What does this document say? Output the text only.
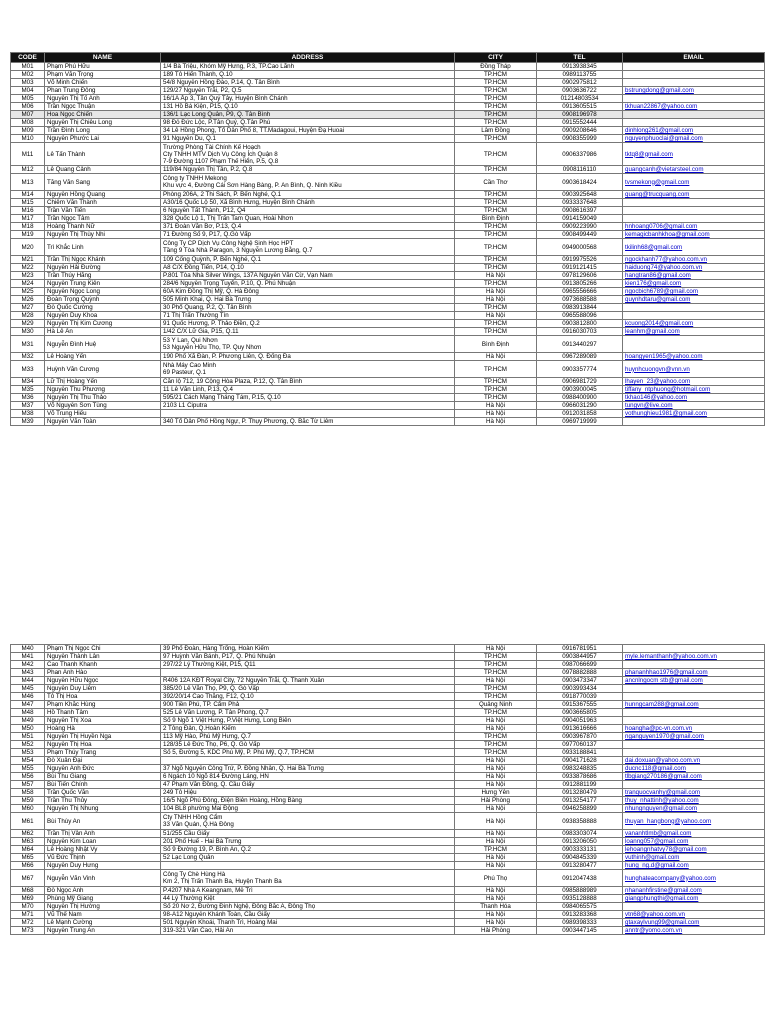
CODE	NAME	ADDRESS	CITY	TEL	EMAIL
M01	Phạm Phú Hữu	1/4 Bà Triệu, Khóm Mỹ Hưng, P.3, TP.Cao Lãnh	Đồng Tháp	0913938345	
M02	Phạm Văn Trọng	189 Tô Hiến Thành, Q.10	TP.HCM	0989113755	
M03	Võ Minh Chiến	54/8 Nguyễn Hồng Đào, P.14, Q. Tân Bình	TP.HCM	0902975812	
M04	Phan Trung Đông	129/27 Nguyễn Trãi, P2, Q.5	TP.HCM	0903636722	bstrungdong@gmail.com
M05	Nguyễn Thị Tố Anh	16/1A Ấp 3, Tân Quý Tây, Huyện Bình Chánh	TP.HCM	01214803534	
M06	Trần Ngọc Thuận	131 Hồ Bá Kiện, P15, Q.10	TP.HCM	0913605515	tkhuan22867@yahoo.com
M07	Hoa Ngọc Chiến	136/1 Lạc Long Quân, P9, Q. Tân Bình	TP.HCM	0908196978	
M08	Nguyễn Thị Chiêu Long	98 Đỗ Đức Lộc, P.Tân Quý, Q.Tân Phú	TP.HCM	0915552444	
M09	Trần Đình Long	34 Lê Hồng Phong, Tổ Dân Phố 8, TT.Madagoui, Huyện Đạ Huoai	Lâm Đồng	0909208646	dinhlong261@gmail.com
M10	Nguyễn Phước Lai	91 Nguyễn Du, Q.1	TP.HCM	0908355999	nguyenphuoclai@gmail.com
M11	Lê Tấn Thành	Trường Phòng Tài Chính Kế Hoạch
Cty TNHH MTV Dịch Vụ Công Ích Quận 8
7-9 Đường 1107 Phạm Thế Hiển, P.5, Q.8	TP.HCM	0906337986	tktq8@gmail.com
M12	Lê Quang Cảnh	119/84 Nguyễn Thị Tần, P.2, Q.8	TP.HCM	0908116110	quangcanh@vietarsteel.com
M13	Tăng Văn Sang	Công ty TNHH Mekong
Khu vực 4, Đường Cái Sơn Hàng Bàng, P. An Bình, Q. Ninh Kiều	Cần Thơ	0903618424	tvsmekong@gmail.com
M14	Nguyễn Hồng Quang	Phòng 206A, 2 Thi Sách, P. Bến Nghé, Q.1	TP.HCM	0903925648	quang@trucquang.com
M15	Chiêm Văn Thành	A30/16 Quốc Lộ 50, Xã Bình Hưng, Huyện Bình Chánh	TP.HCM	0933337648	
M16	Trần Văn Tiến	6 Nguyễn Tất Thành, P12, Q4	TP.HCM	0908616397	
M17	Trần Ngọc Tâm	328 Quốc Lộ 1, Thị Trấn Tam Quan, Hoài Nhơn	Bình Định	0914159049	
M18	Hoàng Thanh Nữ	371 Đoàn Văn Bơ, P.13, Q.4	TP.HCM	0909223990	hnhoang0706@gmail.com
M19	Nguyễn Thị Thùy Nhi	71 Đường Số 9, P17, Q.Gò Vấp	TP.HCM	0908499449	kemagicbanhkhoa@gmail.com
M20	Trì Khắc Linh	Công Ty CP Dịch Vụ Công Nghệ Sinh Học HPT
Tầng 9 Tòa Nhà Paragon, 3 Nguyễn Lương Bằng, Q.7	TP.HCM	0949000568	tkilinh68@gmail.com
M21	Trần Thị Ngọc Khánh	109 Cống Quỳnh, P. Bến Nghé, Q.1	TP.HCM	0919975526	ngockhanh77@yahoo.com.vn
M22	Nguyễn Hải Đường	A8 C/X Đồng Tiến, P14, Q.10	TP.HCM	0919121415	haiduong74@yahoo.com.vn
M23	Trần Thúy Hằng	P.801 Tòa Nhà Silver Wings, 137A Nguyễn Văn Cừ, Vạn Nam	Hà Nội	0978129606	hangtran86@gmail.com
M24	Nguyễn Trung Kiên	284/6 Nguyễn Trọng Tuyển, P.10, Q. Phú Nhuận	TP.HCM	0913805266	kien176@gmail.com
M25	Nguyễn Ngọc Long	60A Kim Đồng Thị Mỹ, Q. Hà Đông	Hà Nội	0965556666	ngocbich6789@gmail.com
M26	Đoàn Trọng Quỳnh	505 Minh Khai, Q. Hai Bà Trưng	Hà Nội	0973688588	quynhdtaru@gmail.com
M27	Đỗ Quốc Cường	30 Phổ Quang, P.2, Q. Tân Bình	TP.HCM	0983913844	
M28	Nguyễn Duy Khoa	71 Thị Trấn Thường Tín	Hà Nội	0965588096	
M29	Nguyễn Thị Kim Cương	91 Quốc Hương, P. Thảo Điền, Q.2	TP.HCM	0903812800	kcuong2014@gmail.com
M30	Hà Lê Ân	1/42 C/X Lữ Gia, P15, Q.11	TP.HCM	0916030703	leanhm@gmail.com
M31	Nguyễn Đình Huệ	53 Y Lan, Qui Nhơn
53 Nguyễn Hữu Thọ, TP. Quy Nhơn	Bình Định	0913440297	
M32	Lê Hoàng Yến	190 Phố Xã Đàn, P. Phương Liên, Q. Đống Đa	Hà Nội	0967289089	hoangyen1965@yahoo.com
M33	Huỳnh Văn Cương	Nhà Máy Cao Minh
69 Pasteur, Q.1	TP.HCM	0903357774	huynhcuongvn@vnn.vn
M34	Lữ Thị Hoàng Yến	Căn lộ 712, 19 Cộng Hòa Plaza, P.12, Q. Tân Bình	TP.HCM	0906981729	lhayen_23@yahoo.com
M35	Nguyễn Thu Phương	11 Lê Văn Linh, P.13, Q.4	TP.HCM	0903900045	tiffany_ntphuong@hotmail.com
M36	Nguyễn Thị Thu Thảo	595/21 Cách Mạng Tháng Tám, P.15, Q.10	TP.HCM	0988400900	tkhao146@yahoo.com
M37	Võ Nguyễn Sơn Tùng	2103 L1 Ciputra	Hà Nội	0966031290	tungvn@live.com
M38	Võ Trung Hiếu		Hà Nội	0912031858	vothunghieu1981@gmail.com
M39	Nguyễn Văn Toàn	340 Tổ Dân Phố Hồng Ngự, P. Thụy Phương, Q. Bắc Từ Liêm	Hà Nội	0969719999	
M40	Phạm Thị Ngọc Chi	39 Phố Đoàn, Hàng Trống, Hoàn Kiếm	Hà Nội	0916781951	
M41	Nguyễn Thành Lân	97 Huỳnh Văn Bánh, P17, Q. Phú Nhuận	TP.HCM	0903844957	myle.lemanthanh@yahoo.com.vn
M42	Cao Thanh Khanh	297/22 Lý Thường Kiệt, P15, Q11	TP.HCM	0987066699	
M43	Phan Anh Hào		TP.HCM	0978882888	phananhhao1976@gmail.com
M44	Nguyễn Hữu Ngọc	R406 12A KĐT Royal City, 72 Nguyễn Trãi, Q. Thanh Xuân	Hà Nội	0903473347	ancnlngocm stb@gmail.com
M45	Nguyễn Duy Liêm	385/20 Lê Văn Thọ, P9, Q. Gò Vấp	TP.HCM	0903993434	
M46	Tô Thị Hoa	392/20/14 Cao Thắng, F12, Q.10	TP.HCM	0918770039	
M47	Phạm Khắc Hùng	900 Tiền Phú, TP. Cẩm Phả	Quảng Ninh	0915367555	hunngcam288@gmail.com
M48	Hồ Thanh Tâm	525 Lê Văn Lương, P. Tân Phong, Q.7	TP.HCM	0903665805	
M49	Nguyễn Thị Xoa	Số 9 Ngõ 1 Việt Hưng, P.Việt Hưng, Long Biên	Hà Nội	0904051963	
M50	Hoàng Hà	2 Tông Đản, Q.Hoàn Kiếm	Hà Nội	0913616666	hoangha@pc-vn.com.vn
M51	Nguyễn Thị Huyền Nga	113 Mỹ Hào, Phú Mỹ Hưng, Q.7	TP.HCM	0903967870	nganguyen1970@gmail.com
M52	Nguyễn Thị Hoa	128/35 Lê Đức Thọ, P6, Q. Gò Vấp	TP.HCM	0977060137	
M53	Phạm Thúy Trang	Số 5, Đường 5, KDC Phú Mỹ, P. Phú Mỹ, Q.7, TP.HCM	TP.HCM	0933188841	
M54	Đỗ Xuân Đại		Hà Nội	0904171628	dai.doxuan@yahoo.com.vn
M55	Nguyễn Anh Đức	37 Ngõ Nguyễn Công Trứ, P. Đồng Nhân, Q. Hai Bà Trưng	Hà Nội	0983248835	ducnc118@gmail.com
M56	Bùi Thu Giang	6 Ngách 10 Ngõ 814 Đường Láng, HN	Hà Nội	0933878686	tlbgiang270186@gmail.com
M57	Bùi Tiến Chính	47 Phạm Văn Đồng, Q. Cầu Giấy	Hà Nội	0912881199	
M58	Trần Quốc Văn	249 Tô Hiệu	Hưng Yên	0913280479	tranquocvanhy@gmail.com
M59	Trần Thu Thủy	16/5 Ngõ Phú Đông, Điện Biên Hoàng, Hồng Bàng	Hải Phòng	0913254177	thuy_nhattinh@yahoo.com
M60	Nguyễn Thị Nhung	104 BL8 phường Mai Động	Hà Nội	0946258899	nhungnguyen@gmail.com
M61	Bùi Thùy An	Cty TNHH Hồng Cẩm
33 Văn Quán, Q.Hà Đông	Hà Nội	0938358888	thuyan_hangbong@yahoo.com
M62	Trần Thị Vân Anh	51/255 Cầu Giấy	Hà Nội	0983303074	vananhtlmb@gmail.com
M63	Nguyễn Kim Loan	201 Phố Huế - Hai Bà Trưng	Hà Nội	0913206050	loanng057@gmail.com
M64	Lê Hoàng Nhật Vy	Số 9 Đường 19, P. Bình An, Q.2	TP.HCM	0903333131	lehoangnhatvy78@gmail.com
M65	Vũ Đức Thịnh	52 Lạc Long Quân	Hà Nội	0904845339	vuthinh@gmail.com
M66	Nguyễn Duy Hưng		Hà Nội	0913280477	hung_ng.d@gmail.com
M67	Nguyễn Văn Vinh	Công Ty Chè Hùng Hà
Km 2, Thị Trấn Thanh Ba, Huyện Thanh Ba	Phú Thọ	0912047438	hunghateacompany@yahoo.com
M68	Đỗ Ngọc Anh	P.4207 Nhà A Keangnam, Mễ Trì	Hà Nội	0985888989	nhananhfirstine@gmail.com
M69	Phùng Mỹ Giang	44 Lý Thường Kiệt	Hà Nội	0935128888	giangphungthi@gmail.com
M70	Nguyễn Thị Hường	Số 20 Nơ 2, Đường Đinh Nghệ, Đông Bắc A, Đông Thọ	Thanh Hóa	0984065575	
M71	Vũ Thế Nam	98-A12 Nguyễn Khánh Toàn, Cầu Giấy	Hà Nội	0913283368	vtn68@yahoo.com.vn
M72	Lê Mạnh Cường	501 Nguyễn Khoái, Thanh Trì, Hoàng Mai	Hà Nội	0989398333	gtaxaylvung99@gmail.com
M73	Nguyễn Trung An	319-321 Văn Cao, Hải An	Hải Phòng	0903447145	anntr@yomo.com.vn
